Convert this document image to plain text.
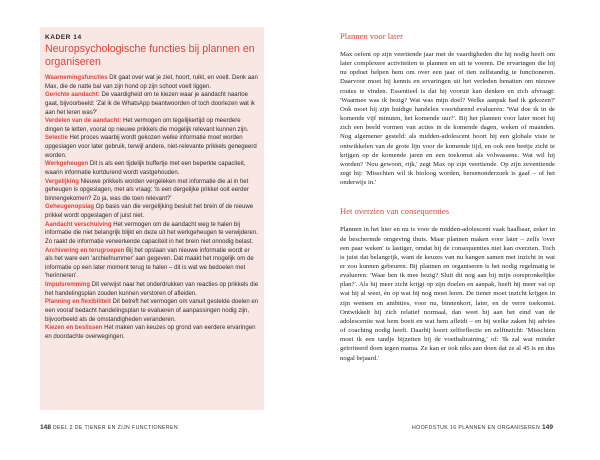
KADER 14
Neuropsychologische functies bij plannen en organiseren
Waarnemingsfuncties Dit gaat over wat je ziet, hoort, ruikt, en voelt. Denk aan Max, die de natte bal van zijn hond op zijn schoot voelt liggen.
Gerichte aandacht: De vaardigheid om te kiezen waar je aandacht naartoe gaat, bijvoorbeeld: 'Zal ik de WhatsApp beantwoorden of toch doorlezen wat ik aan het leren was?'
Verdelen van de aandacht: Het vermogen om tegelijkertijd op meerdere dingen te letten, vooral op nieuwe prikkels die mogelijk relevant kunnen zijn.
Selectie Het proces waarbij wordt gekozen welke informatie moet worden opgeslagen voor later gebruik, terwijl andere, niet-relevante prikkels genegeerd worden.
Werkgeheugen Dit is als een tijdelijk buffertje met een beperkte capaciteit, waarin informatie kortdurend wordt vastgehouden.
Vergelijking Nieuwe prikkels worden vergeleken met informatie die al in het geheugen is opgeslagen, met als vraag: 'Is een dergelijke prikkel ooit eerder binnengekomen? Zo ja, was die toen relevant?'
Geheugenopslag Op basis van die vergelijking besluit het brein of de nieuwe prikkel wordt opgeslagen of juist niet.
Aandacht verschuiving Het vermogen om de aandacht weg te halen bij informatie die niet belangrijk blijkt en deze uit het werkgeheugen te verwijderen. Zo raakt de informatie verwerkende capaciteit in het brein niet onnodig belast.
Archivering en terugroepen Bij het opslaan van nieuwe informatie wordt er als het ware een 'archiefnummer' aan gegeven. Dat maakt het mogelijk om de informatie op een later moment terug te halen – dit is wat we bedoelen met 'herinneren'.
Impulsremming Dit verwijst naar het onderdrukken van reacties op prikkels die het handelingsplan zouden kunnen verstoren of afleiden.
Planning en flexibiliteit Dit betreft het vermogen om vanuit gestelde doelen en een vooraf bedacht handelingsplan te evalueren of aanpassingen nodig zijn, bijvoorbeeld als de omstandigheden veranderen.
Kiezen en beslissen Het maken van keuzes op grond van eerdere ervaringen en doordachte overwegingen.
148 DEEL 2 DE TIENER EN ZIJN FUNCTIONEREN
Plannen voor later
Max oefent op zijn veertiende jaar met de vaardigheden die hij nodig heeft om later complexere activiteiten te plannen en uit te voeren. De ervaringen die hij nu opdoet helpen hem om over een jaar of tien zelfstandig te functioneren. Daarvoor moet hij kennis en ervaringen uit het verleden benatten om nieuwe routes te vinden. Essentieel is dat hij vooruit kan denken en zich afvraagt: 'Waarmee was ik bezig? Wat was mijn doel? Welke aanpak had ik gekozen?' Ook moet hij zijn huidige handelen voortdurend evalueren: 'Wat doe ik in de komende vijf minuten, het komende uur?'. Bij het plannen voor later moet hij zich een beeld vormen van acties in de komende dagen, weken of maanden. Nog algemener gesteld: als midden-adolescent hoort hij een globale visie te ontwikkelen van de grote lijn voor de komende tijd, en ook een beetje zicht te krijgen op de komende jaren en een toekomst als volwassene. Wat wil hij worden? 'Nou gewoon, rijk,' zegt Max op zijn veertiende. Op zijn zeventiende zegt hij: 'Misschien wil ik bioloog worden, hersenonderzoek is gaaf – of het onderwijs in.'
Het overzien van consequenties
Plannen in het hier en nu is voor de midden-adolescent vaak haalbaar, zeker in de beschermde omgeving thuis. Maar plannen maken voor later – zelfs 'over een paar weken' is lastiger, omdat hij de consequenties niet kan overzien. Toch is juist dat belangrijk, want de keuzes van nu hangen samen met inzicht in wat er zou kunnen gebeuren. Bij plannen en organiseren is het nodig regelmatig te evalueren: 'Waar ben ik mee bezig? Sluit dit nog aan bij mijn oorspronkelijke plan?'. Als hij meer zicht krijgt op zijn doelen en aanpak, heeft hij meer vat op wat hij al weet, én op wat hij nog moet leren. De tiener moet inzicht krijgen in zijn wensen en ambities, voor nu, binnenkort, later, en de verre toekomst. Ontwikkelt hij zich relatief normaal, dan weet hij aan het eind van de adolescentie wat hem boeit en wat hem afleidt – en bij welke zaken hij advies of coaching nodig heeft. Daarbij hoort zelfreflectie en zelfinzicht: 'Misschien moet ik een tandje bijzetten bij de voetbaltraining,' of: 'Ik zal wat minder geïrriteerd doen tegen mama. Ze kan er ook niks aan doen dat ze al 45 is en dus nogal bejaard.'
HOOFDSTUK 16 PLANNEN EN ORGANISEREN 149
